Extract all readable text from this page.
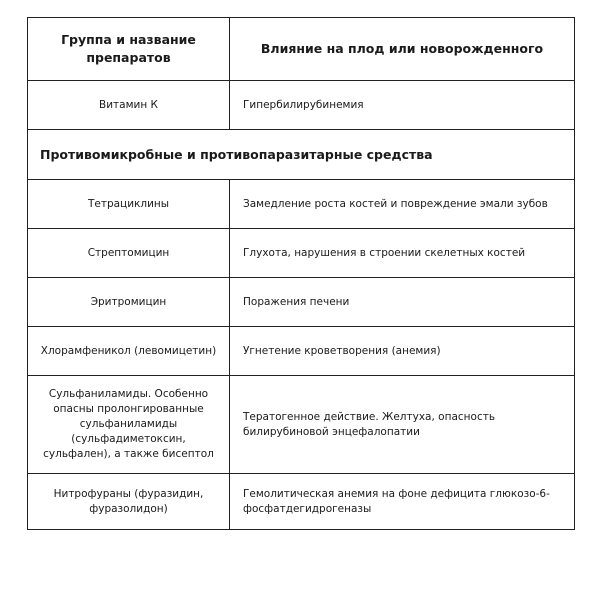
Группа и название препаратов	Влияние на плод или новорожденного
Витамин К	Гипербилирубинемия
Противомикробные и противопаразитарные средства	
Тетрациклины	Замедление роста костей и повреждение эмали зубов
Стрептомицин	Глухота, нарушения в строении скелетных костей
Эритромицин	Поражения печени
Хлорамфеникол (левомицетин)	Угнетение кроветворения (анемия)
Сульфаниламиды. Особенно опасны пролонгированные сульфаниламиды (сульфадиметоксин, сульфален), а также бисептол	Тератогенное действие. Желтуха, опасность билирубиновой энцефалопатии
Нитрофураны (фуразидин, фуразолидон)	Гемолитическая анемия на фоне дефицита глюкозо-6-фосфатдегидрогеназы
